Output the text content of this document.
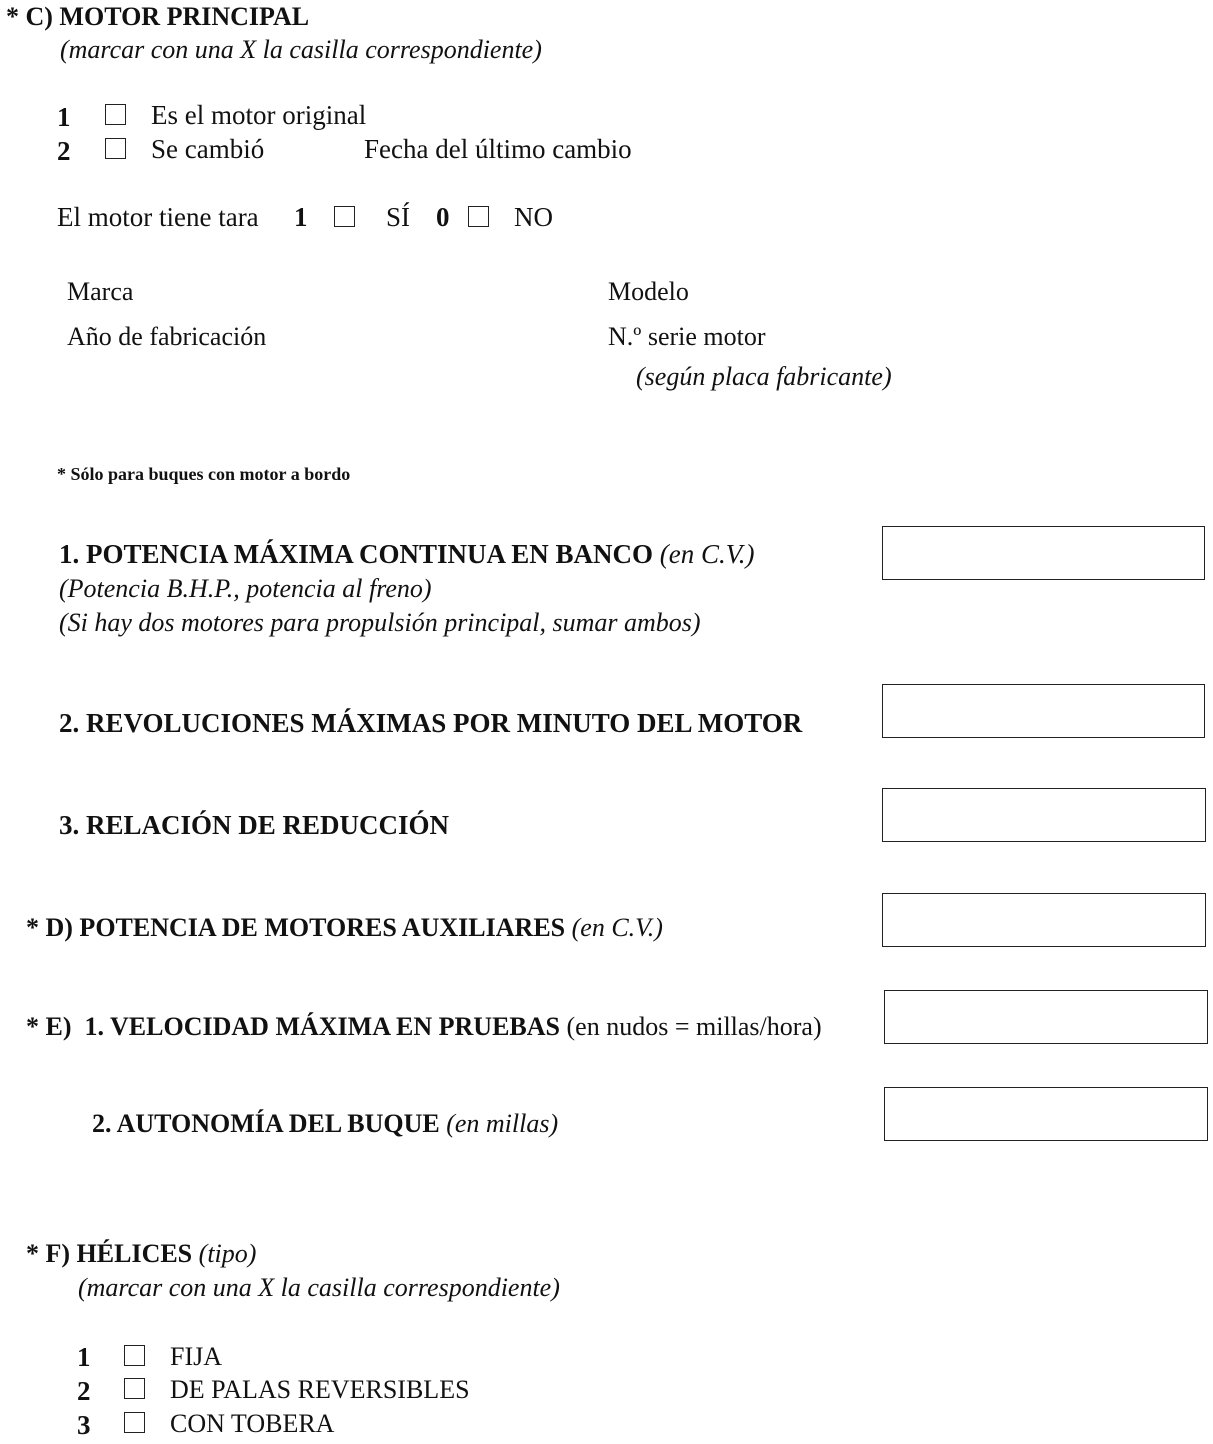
* C) MOTOR PRINCIPAL
(marcar con una X la casilla correspondiente)
1	Es el motor original
2	Se cambió	Fecha del último cambio
El motor tiene tara 1	SÍ 0 NO
Marca	Modelo
Año de fabricación	N.º serie motor
(según placa fabricante)
* Sólo para buques con motor a bordo
1. POTENCIA MÁXIMA CONTINUA EN BANCO (en C.V.)
(Potencia B.H.P., potencia al freno)
(Si hay dos motores para propulsión principal, sumar ambos)
2. REVOLUCIONES MÁXIMAS POR MINUTO DEL MOTOR
3. RELACIÓN DE REDUCCIÓN
* D) POTENCIA DE MOTORES AUXILIARES (en C.V.)
* E) 1. VELOCIDAD MÁXIMA EN PRUEBAS (en nudos = millas/hora)
2. AUTONOMÍA DEL BUQUE (en millas)
* F) HÉLICES (tipo)
(marcar con una X la casilla correspondiente)
1	FIJA
2	DE PALAS REVERSIBLES
3	CON TOBERA
